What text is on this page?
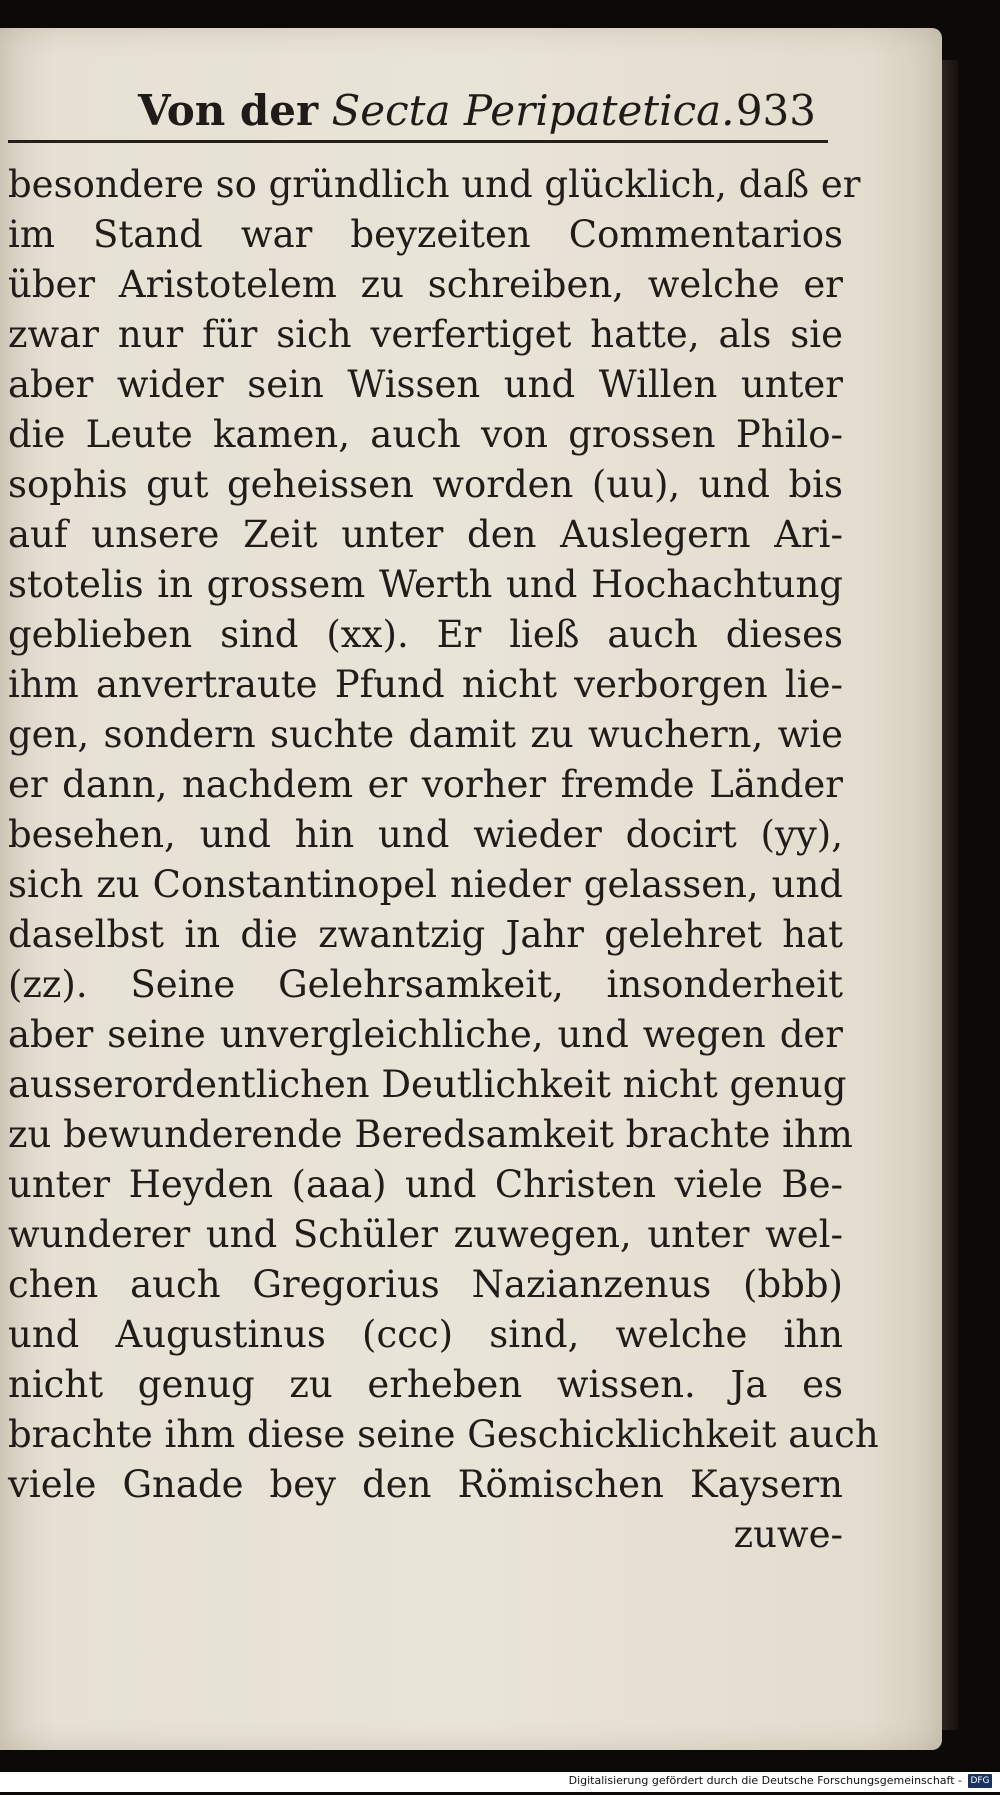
Von der Secta Peripatetica. 933
besondere so gründlich und glücklich, daß er
im Stand war beyzeiten Commentarios
über Aristotelem zu schreiben, welche er
zwar nur für sich verfertiget hatte, als sie
aber wider sein Wissen und Willen unter
die Leute kamen, auch von grossen Philo-
sophis gut geheissen worden (uu), und bis
auf unsere Zeit unter den Auslegern Ari-
stotelis in grossem Werth und Hochachtung
geblieben sind (xx). Er ließ auch dieses
ihm anvertraute Pfund nicht verborgen lie-
gen, sondern suchte damit zu wuchern, wie
er dann, nachdem er vorher fremde Länder
besehen, und hin und wieder docirt (yy),
sich zu Constantinopel nieder gelassen, und
daselbst in die zwantzig Jahr gelehret hat
(zz). Seine Gelehrsamkeit, insonderheit
aber seine unvergleichliche, und wegen der
ausserordentlichen Deutlichkeit nicht genug
zu bewunderende Beredsamkeit brachte ihm
unter Heyden (aaa) und Christen viele Be-
wunderer und Schüler zuwegen, unter wel-
chen auch Gregorius Nazianzenus (bbb)
und Augustinus (ccc) sind, welche ihn
nicht genug zu erheben wissen. Ja es
brachte ihm diese seine Geschicklichkeit auch
viele Gnade bey den Römischen Kaysern
zuwe-
Digitalisierung gefördert durch die Deutsche Forschungsgemeinschaft - DFG
